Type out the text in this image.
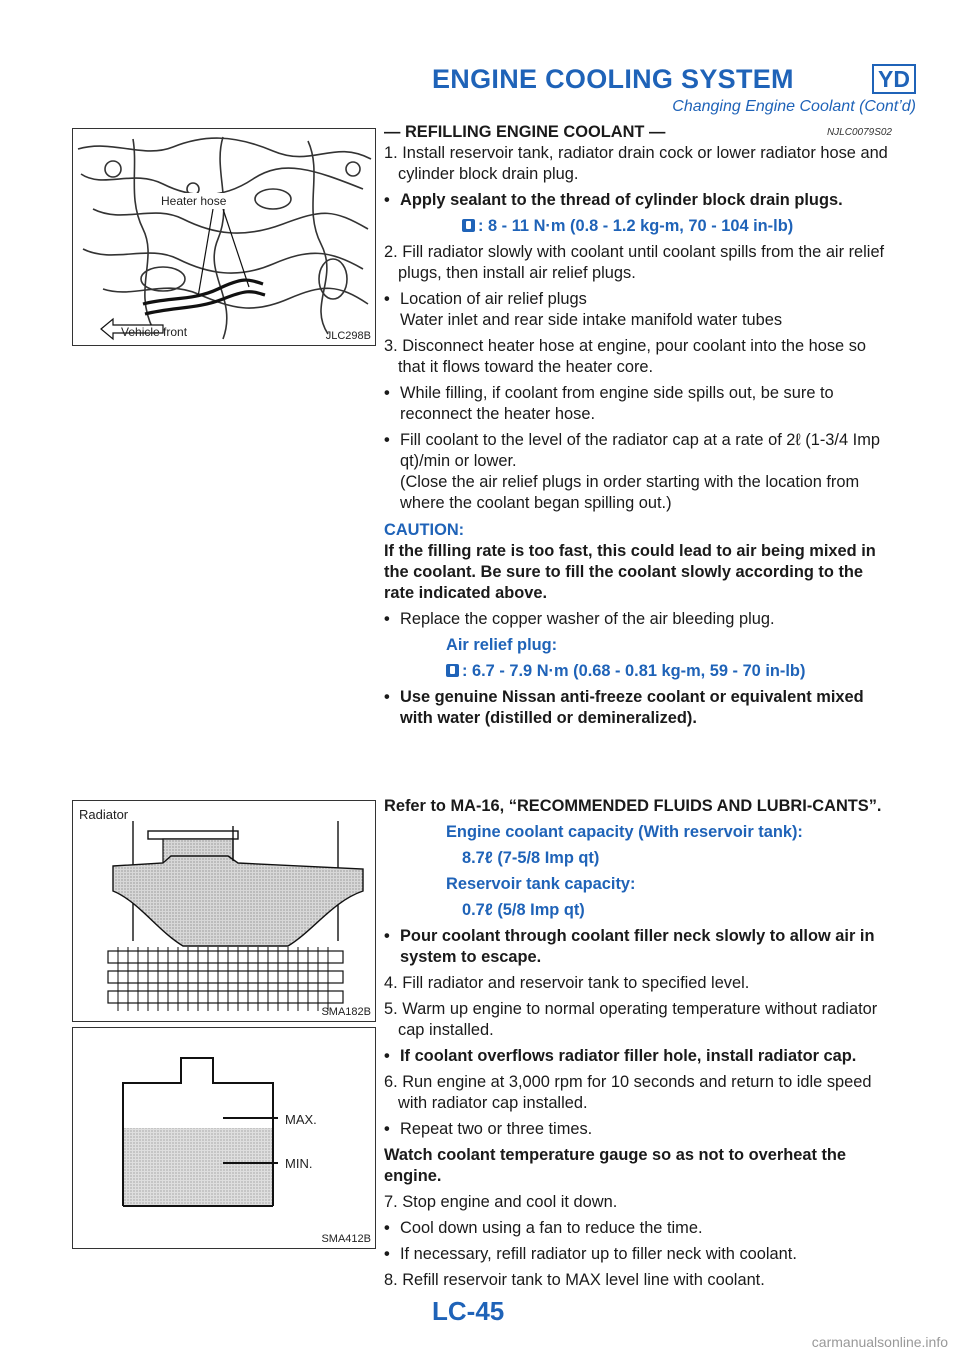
ENGINE COOLING SYSTEM	YD
Changing Engine Coolant (Cont’d)
Heater hose
Vehicle front	JLC298B
Radiator
SMA182B
MAX.
MIN.
SMA412B
— REFILLING ENGINE COOLANT —	NJLC0079S02

1. Install reservoir tank, radiator drain cock or lower radiator hose and cylinder block drain plug.

• Apply sealant to the thread of cylinder block drain plugs.

: 8 - 11 N·m (0.8 - 1.2 kg-m, 70 - 104 in-lb)

2. Fill radiator slowly with coolant until coolant spills from the air relief plugs, then install air relief plugs.

• Location of air relief plugs
Water inlet and rear side intake manifold water tubes

3. Disconnect heater hose at engine, pour coolant into the hose so that it flows toward the heater core.

• While filling, if coolant from engine side spills out, be sure to reconnect the heater hose.
• Fill coolant to the level of the radiator cap at a rate of 2ℓ (1-3/4 Imp qt)/min or lower.
(Close the air relief plugs in order starting with the location from where the coolant began spilling out.)

CAUTION:

If the filling rate is too fast, this could lead to air being mixed in the coolant. Be sure to fill the coolant slowly according to the rate indicated above.

• Replace the copper washer of the air bleeding plug.

Air relief plug:

: 6.7 - 7.9 N·m (0.68 - 0.81 kg-m, 59 - 70 in-lb)

• Use genuine Nissan anti-freeze coolant or equivalent mixed with water (distilled or demineralized).

Refer to MA-16, “RECOMMENDED FLUIDS AND LUBRI-CANTS”.

Engine coolant capacity (With reservoir tank):

8.7ℓ (7-5/8 Imp qt)

Reservoir tank capacity:

0.7ℓ (5/8 Imp qt)

• Pour coolant through coolant filler neck slowly to allow air in system to escape.

4. Fill radiator and reservoir tank to specified level.

5. Warm up engine to normal operating temperature without radiator cap installed.

• If coolant overflows radiator filler hole, install radiator cap.

6. Run engine at 3,000 rpm for 10 seconds and return to idle speed with radiator cap installed.

• Repeat two or three times.

Watch coolant temperature gauge so as not to overheat the engine.

7. Stop engine and cool it down.

• Cool down using a fan to reduce the time.
• If necessary, refill radiator up to filler neck with coolant.

8. Refill reservoir tank to MAX level line with coolant.

LC-45
carmanualsonline.info
